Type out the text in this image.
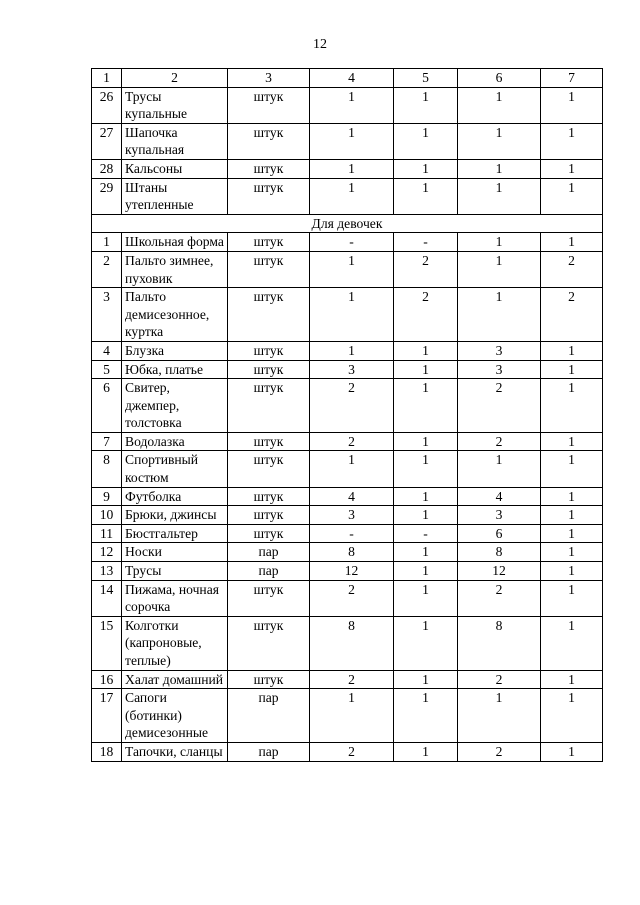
12
1	2	3	4	5	6	7
26	Трусы купальные	штук	1	1	1	1
27	Шапочка купальная	штук	1	1	1	1
28	Кальсоны	штук	1	1	1	1
29	Штаны утепленные	штук	1	1	1	1
Для девочек						
1	Школьная форма	штук	-	-	1	1
2	Пальто зимнее, пуховик	штук	1	2	1	2
3	Пальто демисезонное, куртка	штук	1	2	1	2
4	Блузка	штук	1	1	3	1
5	Юбка, платье	штук	3	1	3	1
6	Свитер, джемпер, толстовка	штук	2	1	2	1
7	Водолазка	штук	2	1	2	1
8	Спортивный костюм	штук	1	1	1	1
9	Футболка	штук	4	1	4	1
10	Брюки, джинсы	штук	3	1	3	1
11	Бюстгальтер	штук	-	-	6	1
12	Носки	пар	8	1	8	1
13	Трусы	пар	12	1	12	1
14	Пижама, ночная сорочка	штук	2	1	2	1
15	Колготки (капроновые, теплые)	штук	8	1	8	1
16	Халат домашний	штук	2	1	2	1
17	Сапоги (ботинки) демисезонные	пар	1	1	1	1
18	Тапочки, сланцы	пар	2	1	2	1
